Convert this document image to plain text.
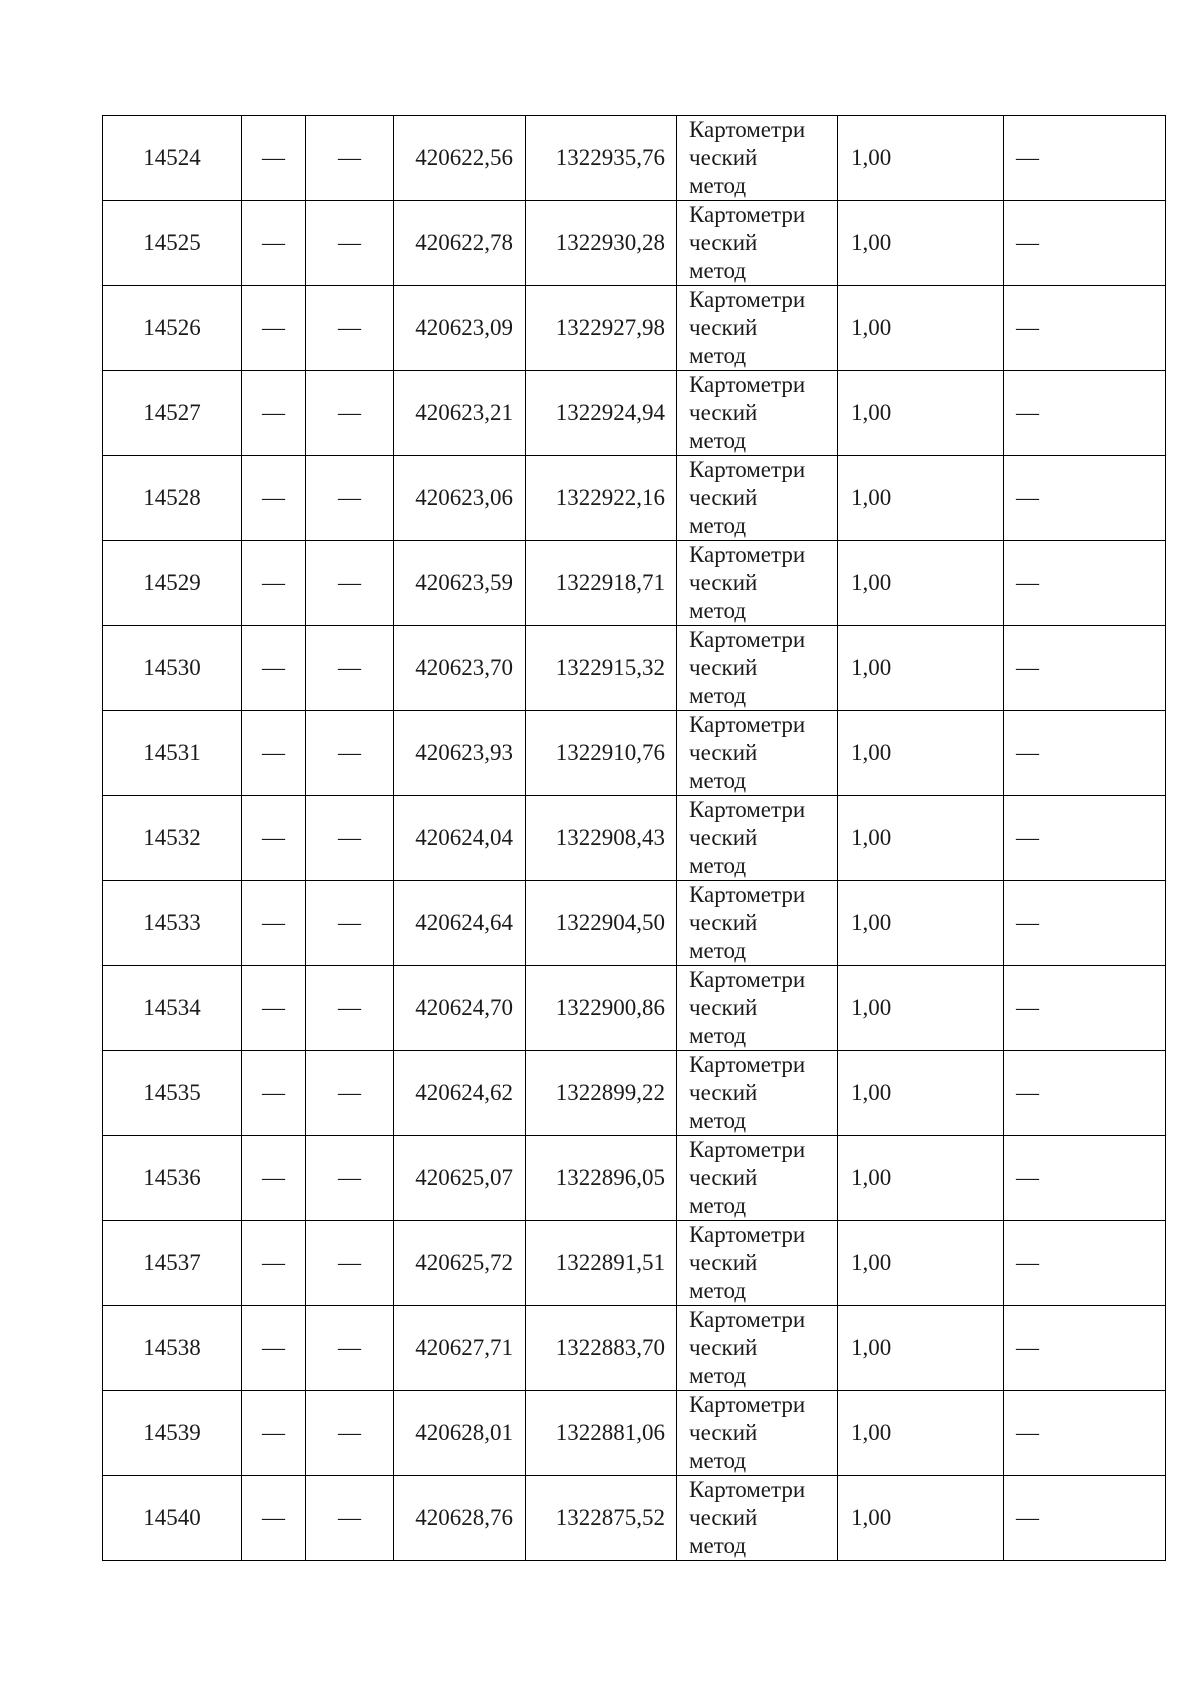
14524	—	—	420622,56	1322935,76	Картометри
ческий
метод	1,00	—
14525	—	—	420622,78	1322930,28	Картометри
ческий
метод	1,00	—
14526	—	—	420623,09	1322927,98	Картометри
ческий
метод	1,00	—
14527	—	—	420623,21	1322924,94	Картометри
ческий
метод	1,00	—
14528	—	—	420623,06	1322922,16	Картометри
ческий
метод	1,00	—
14529	—	—	420623,59	1322918,71	Картометри
ческий
метод	1,00	—
14530	—	—	420623,70	1322915,32	Картометри
ческий
метод	1,00	—
14531	—	—	420623,93	1322910,76	Картометри
ческий
метод	1,00	—
14532	—	—	420624,04	1322908,43	Картометри
ческий
метод	1,00	—
14533	—	—	420624,64	1322904,50	Картометри
ческий
метод	1,00	—
14534	—	—	420624,70	1322900,86	Картометри
ческий
метод	1,00	—
14535	—	—	420624,62	1322899,22	Картометри
ческий
метод	1,00	—
14536	—	—	420625,07	1322896,05	Картометри
ческий
метод	1,00	—
14537	—	—	420625,72	1322891,51	Картометри
ческий
метод	1,00	—
14538	—	—	420627,71	1322883,70	Картометри
ческий
метод	1,00	—
14539	—	—	420628,01	1322881,06	Картометри
ческий
метод	1,00	—
14540	—	—	420628,76	1322875,52	Картометри
ческий
метод	1,00	—
